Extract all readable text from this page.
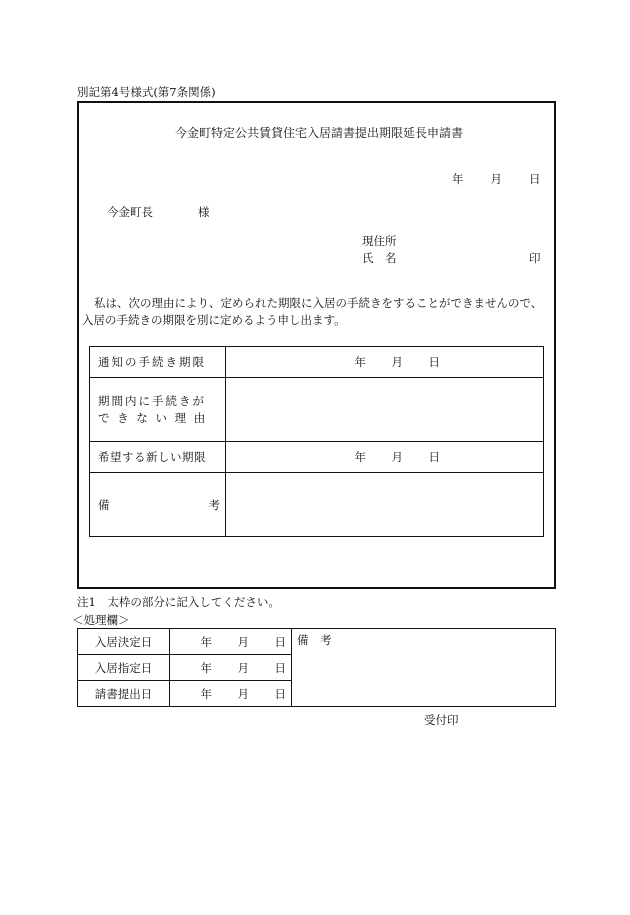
別記第4号様式(第7条関係)
今金町特定公共賃貸住宅入居請書提出期限延長申請書
年 月 日
今金町長	様
現住所
氏　名	印
私は、次の理由により、定められた期限に入居の手続きをすることができませんので、
入居の手続きの期限を別に定めるよう申し出ます。
通知の手続き期限	年 月 日

期間内に手続きが
で き な い 理 由	

希望する新しい期限	年 月 日

備 考	

注1　太枠の部分に記入してください。
＜処理欄＞
入居決定日	年 月 日	備　考
入居指定日	年 月 日	
請書提出日	年 月 日	
受付印
